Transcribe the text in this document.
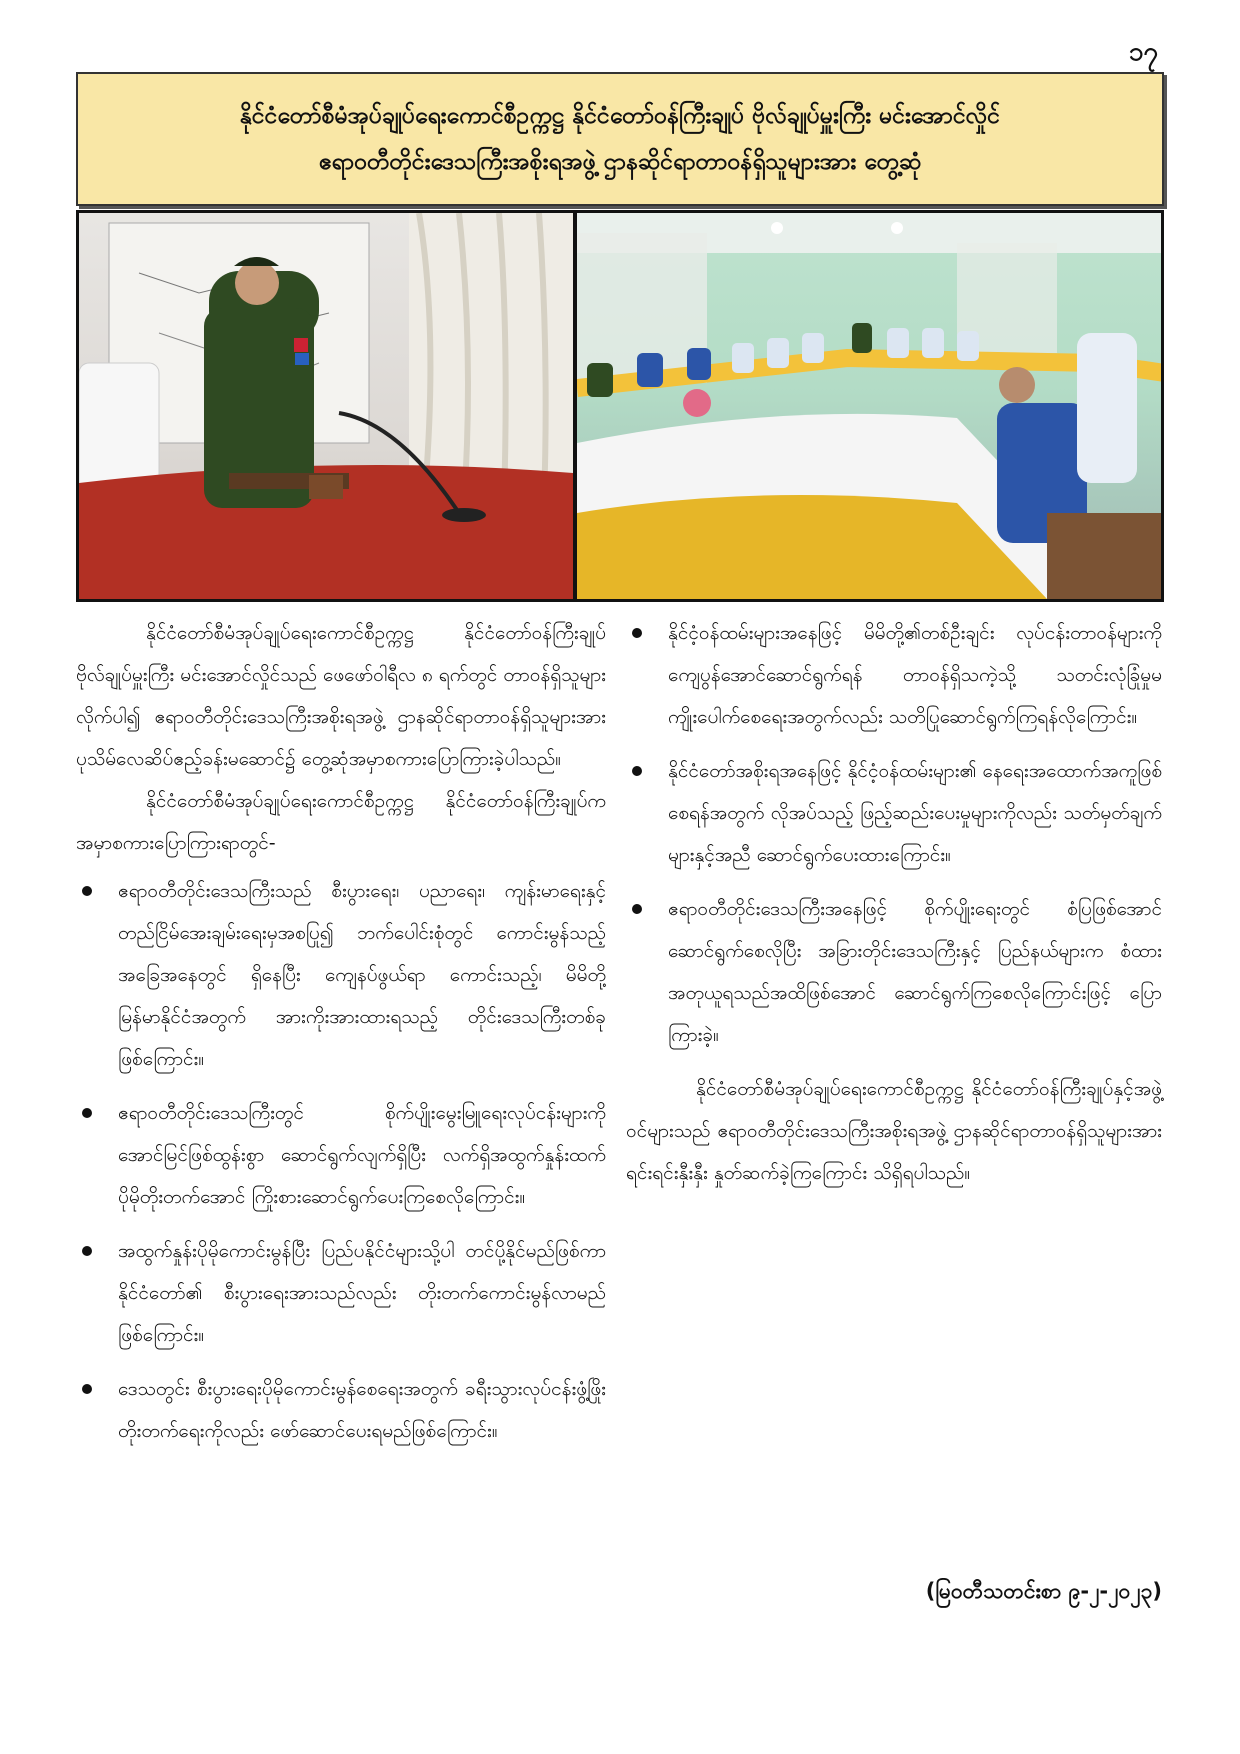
၁၇
နိုင်ငံတော်စီမံအုပ်ချုပ်ရေးကောင်စီဥက္ကဋ္ဌ နိုင်ငံတော်ဝန်ကြီးချုပ် ဗိုလ်ချုပ်မှူးကြီး မင်းအောင်လှိုင်
ဧရာဝတီတိုင်းဒေသကြီးအစိုးရအဖွဲ့ ဌာနဆိုင်ရာတာဝန်ရှိသူများအား တွေ့ဆုံ

နိုင်ငံတော်စီမံအုပ်ချုပ်ရေးကောင်စီဥက္ကဋ္ဌ နိုင်ငံတော်ဝန်ကြီးချုပ် ဗိုလ်ချုပ်မှူးကြီး မင်းအောင်လှိုင်သည် ဖေဖော်ဝါရီလ ၈ ရက်တွင် တာဝန်ရှိသူများလိုက်ပါ၍ ဧရာဝတီတိုင်းဒေသကြီးအစိုးရအဖွဲ့ ဌာနဆိုင်ရာတာဝန်ရှိသူများအား ပုသိမ်လေဆိပ်ဧည့်ခန်းမဆောင်၌ တွေ့ဆုံအမှာစကားပြောကြားခဲ့ပါသည်။

နိုင်ငံတော်စီမံအုပ်ချုပ်ရေးကောင်စီဥက္ကဋ္ဌ နိုင်ငံတော်ဝန်ကြီးချုပ်က အမှာစကားပြောကြားရာတွင်-

ဧရာဝတီတိုင်းဒေသကြီးသည် စီးပွားရေး၊ ပညာရေး၊ ကျန်းမာရေးနှင့် တည်ငြိမ်အေးချမ်းရေးမှအစပြု၍ ဘက်ပေါင်းစုံတွင် ကောင်းမွန်သည့်အခြေအနေတွင် ရှိနေပြီး ကျေနပ်ဖွယ်ရာ ကောင်းသည့်၊ မိမိတို့မြန်မာနိုင်ငံအတွက် အားကိုးအားထားရသည့် တိုင်းဒေသကြီးတစ်ခုဖြစ်ကြောင်း။
ဧရာဝတီတိုင်းဒေသကြီးတွင် စိုက်ပျိုးမွေးမြူရေးလုပ်ငန်းများကို အောင်မြင်ဖြစ်ထွန်းစွာ ဆောင်ရွက်လျက်ရှိပြီး လက်ရှိအထွက်နှုန်းထက် ပိုမိုတိုးတက်အောင် ကြိုးစားဆောင်ရွက်ပေးကြစေလိုကြောင်း။
အထွက်နှုန်းပိုမိုကောင်းမွန်ပြီး ပြည်ပနိုင်ငံများသို့ပါ တင်ပို့နိုင်မည်ဖြစ်ကာ နိုင်ငံတော်၏ စီးပွားရေးအားသည်လည်း တိုးတက်ကောင်းမွန်လာမည်ဖြစ်ကြောင်း။
ဒေသတွင်း စီးပွားရေးပိုမိုကောင်းမွန်စေရေးအတွက် ခရီးသွားလုပ်ငန်းဖွံ့ဖြိုးတိုးတက်ရေးကိုလည်း ဖော်ဆောင်ပေးရမည်ဖြစ်ကြောင်း။
နိုင်ငံ့ဝန်ထမ်းများအနေဖြင့် မိမိတို့၏တစ်ဦးချင်း လုပ်ငန်းတာဝန်များကို ကျေပွန်အောင်ဆောင်ရွက်ရန် တာဝန်ရှိသကဲ့သို့ သတင်းလုံခြုံမှုမကျိုးပေါက်စေရေးအတွက်လည်း သတိပြုဆောင်ရွက်ကြရန်လိုကြောင်း။
နိုင်ငံတော်အစိုးရအနေဖြင့် နိုင်ငံ့ဝန်ထမ်းများ၏ နေရေးအထောက်အကူဖြစ်စေရန်အတွက် လိုအပ်သည့် ဖြည့်ဆည်းပေးမှုများကိုလည်း သတ်မှတ်ချက်များနှင့်အညီ ဆောင်ရွက်ပေးထားကြောင်း။
ဧရာဝတီတိုင်းဒေသကြီးအနေဖြင့် စိုက်ပျိုးရေးတွင် စံပြဖြစ်အောင် ဆောင်ရွက်စေလိုပြီး အခြားတိုင်းဒေသကြီးနှင့် ပြည်နယ်များက စံထားအတုယူရသည်အထိဖြစ်အောင် ဆောင်ရွက်ကြစေလိုကြောင်းဖြင့် ပြောကြားခဲ့။

နိုင်ငံတော်စီမံအုပ်ချုပ်ရေးကောင်စီဥက္ကဋ္ဌ နိုင်ငံတော်ဝန်ကြီးချုပ်နှင့်အဖွဲ့ဝင်များသည် ဧရာဝတီတိုင်းဒေသကြီးအစိုးရအဖွဲ့ ဌာနဆိုင်ရာတာဝန်ရှိသူများအား ရင်းရင်းနှီးနှီး နှုတ်ဆက်ခဲ့ကြကြောင်း သိရှိရပါသည်။

(မြဝတီသတင်းစာ ၉-၂-၂၀၂၃)
